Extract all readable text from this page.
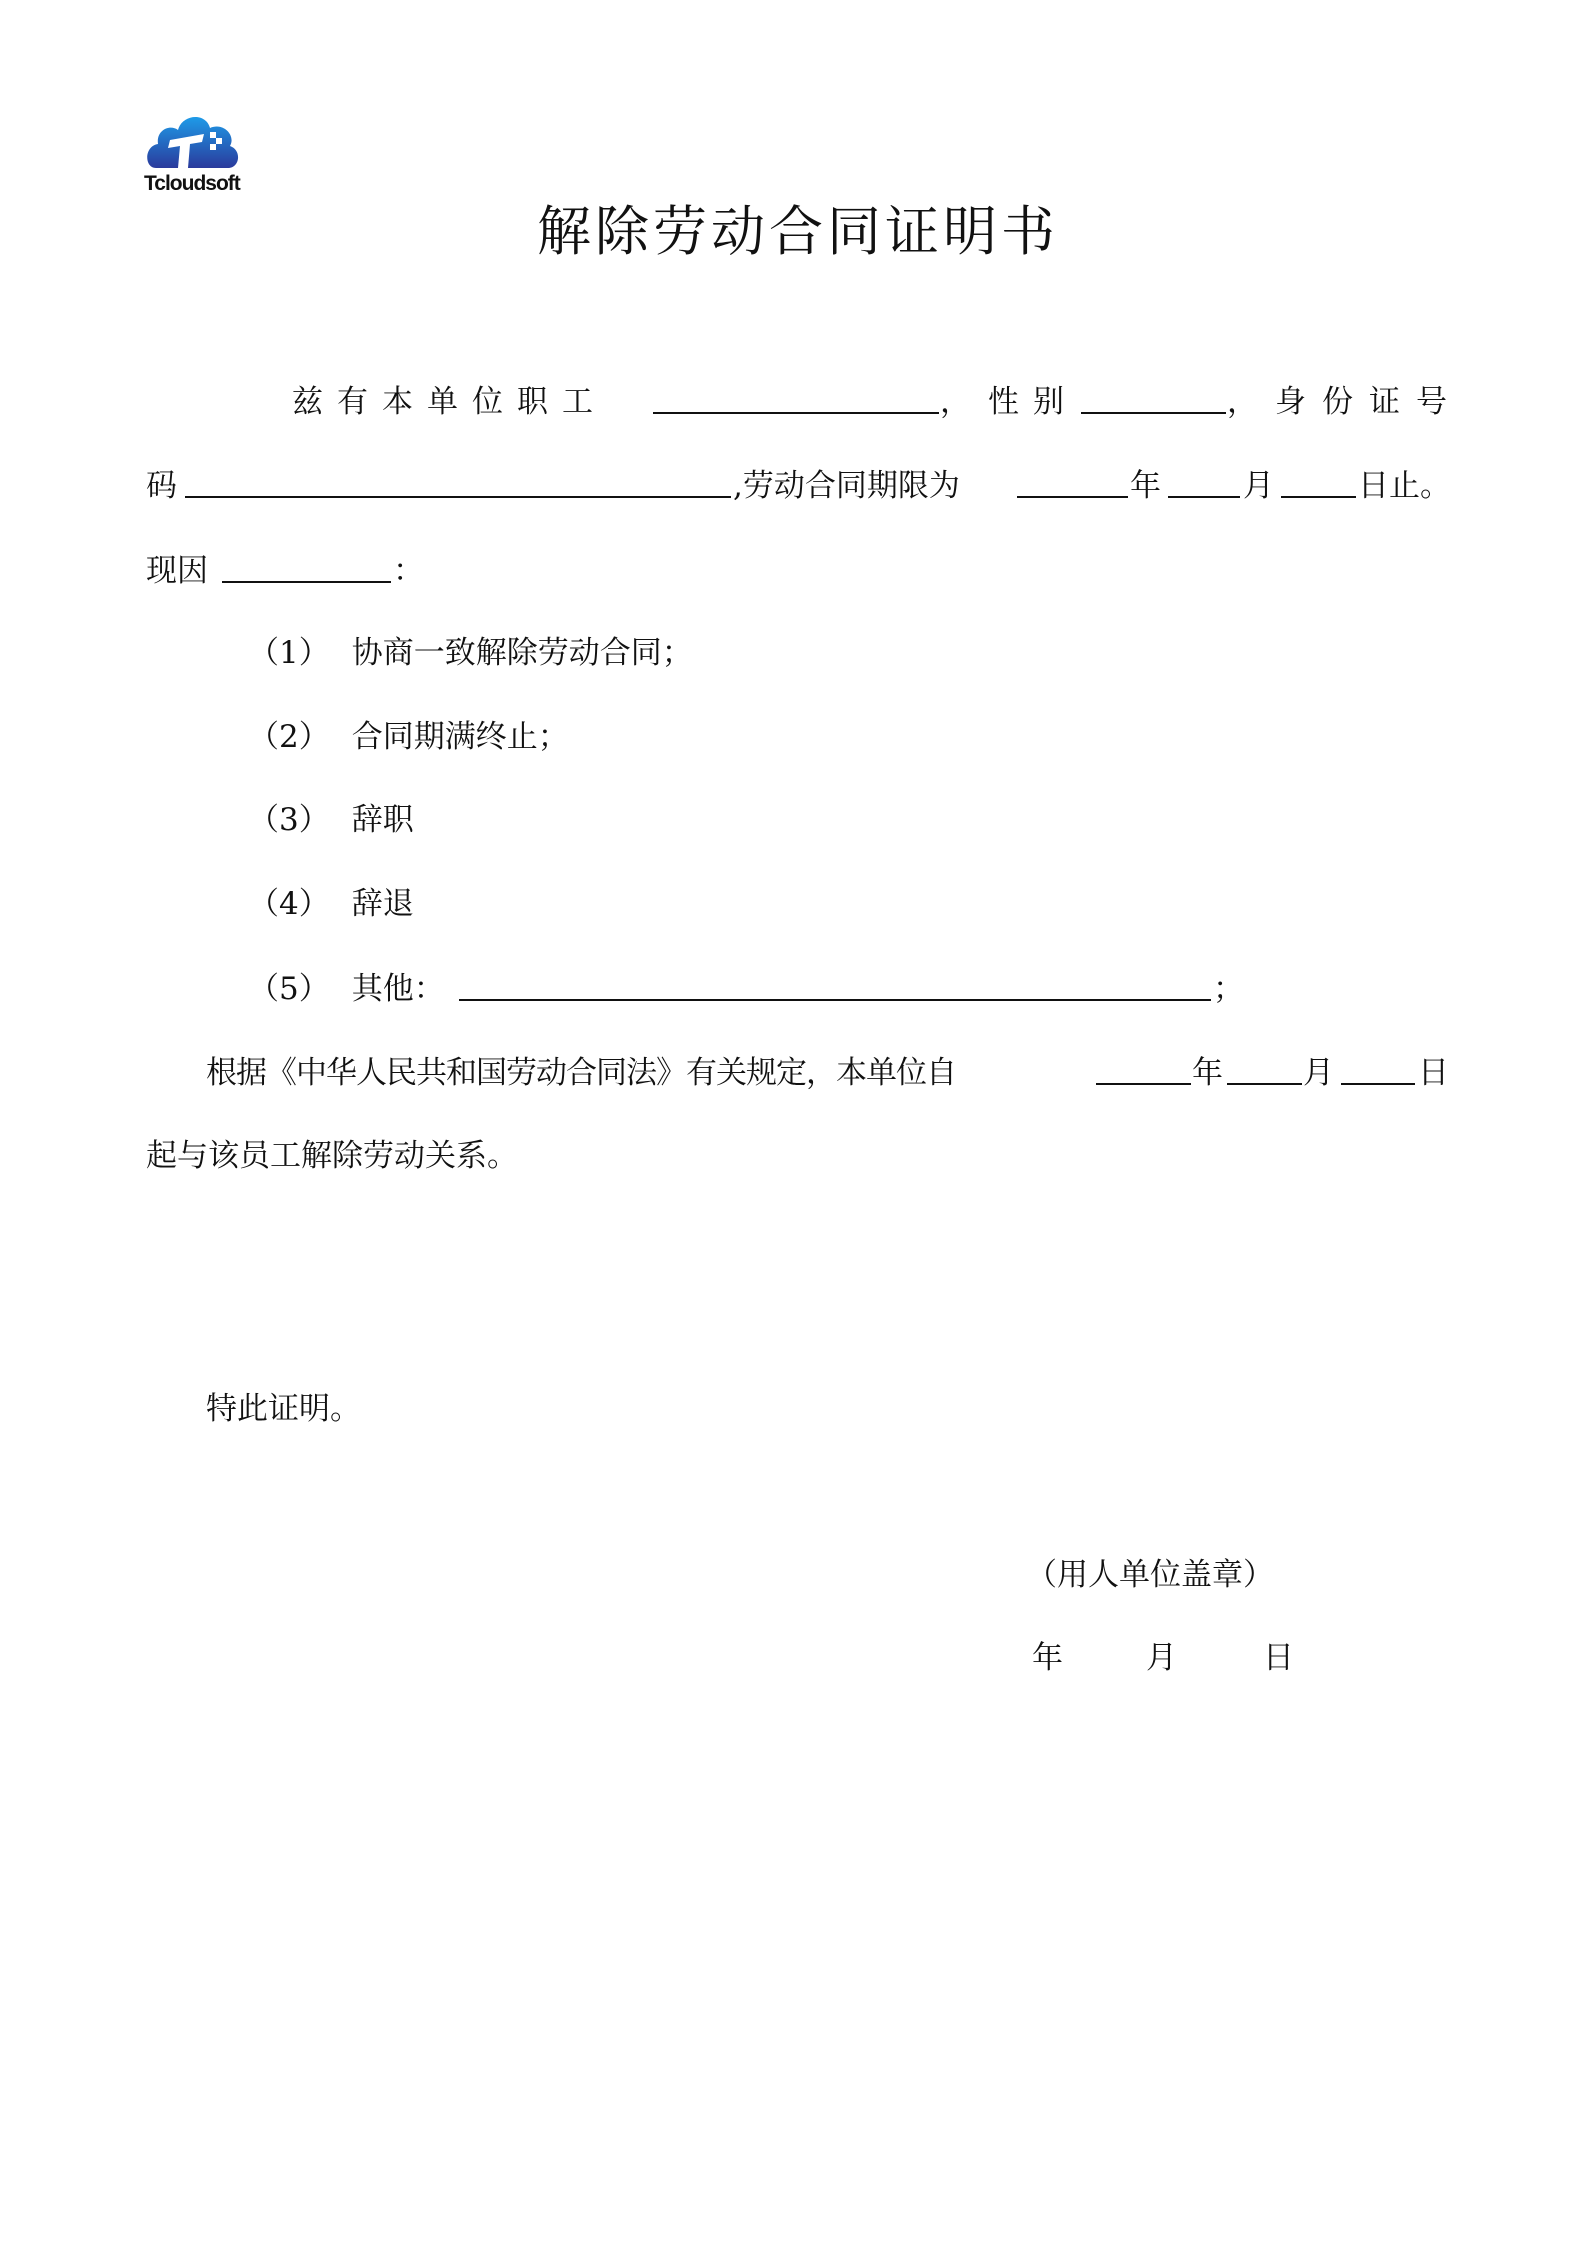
Tcloudsoft
解除劳动合同证明书
兹有本单位职工	， 性别	， 身份证号
码	,劳动合同期限为	年	月	日止。
现因	：
（1） 协商一致解除劳动合同；
（2） 合同期满终止；
（3） 辞职
（4） 辞退
（5） 其他：	；
根据《中华人民共和国劳动合同法》有关规定，本单位自	年	月	日
起与该员工解除劳动关系。
特此证明。
（用人单位盖章）
年	月	日
